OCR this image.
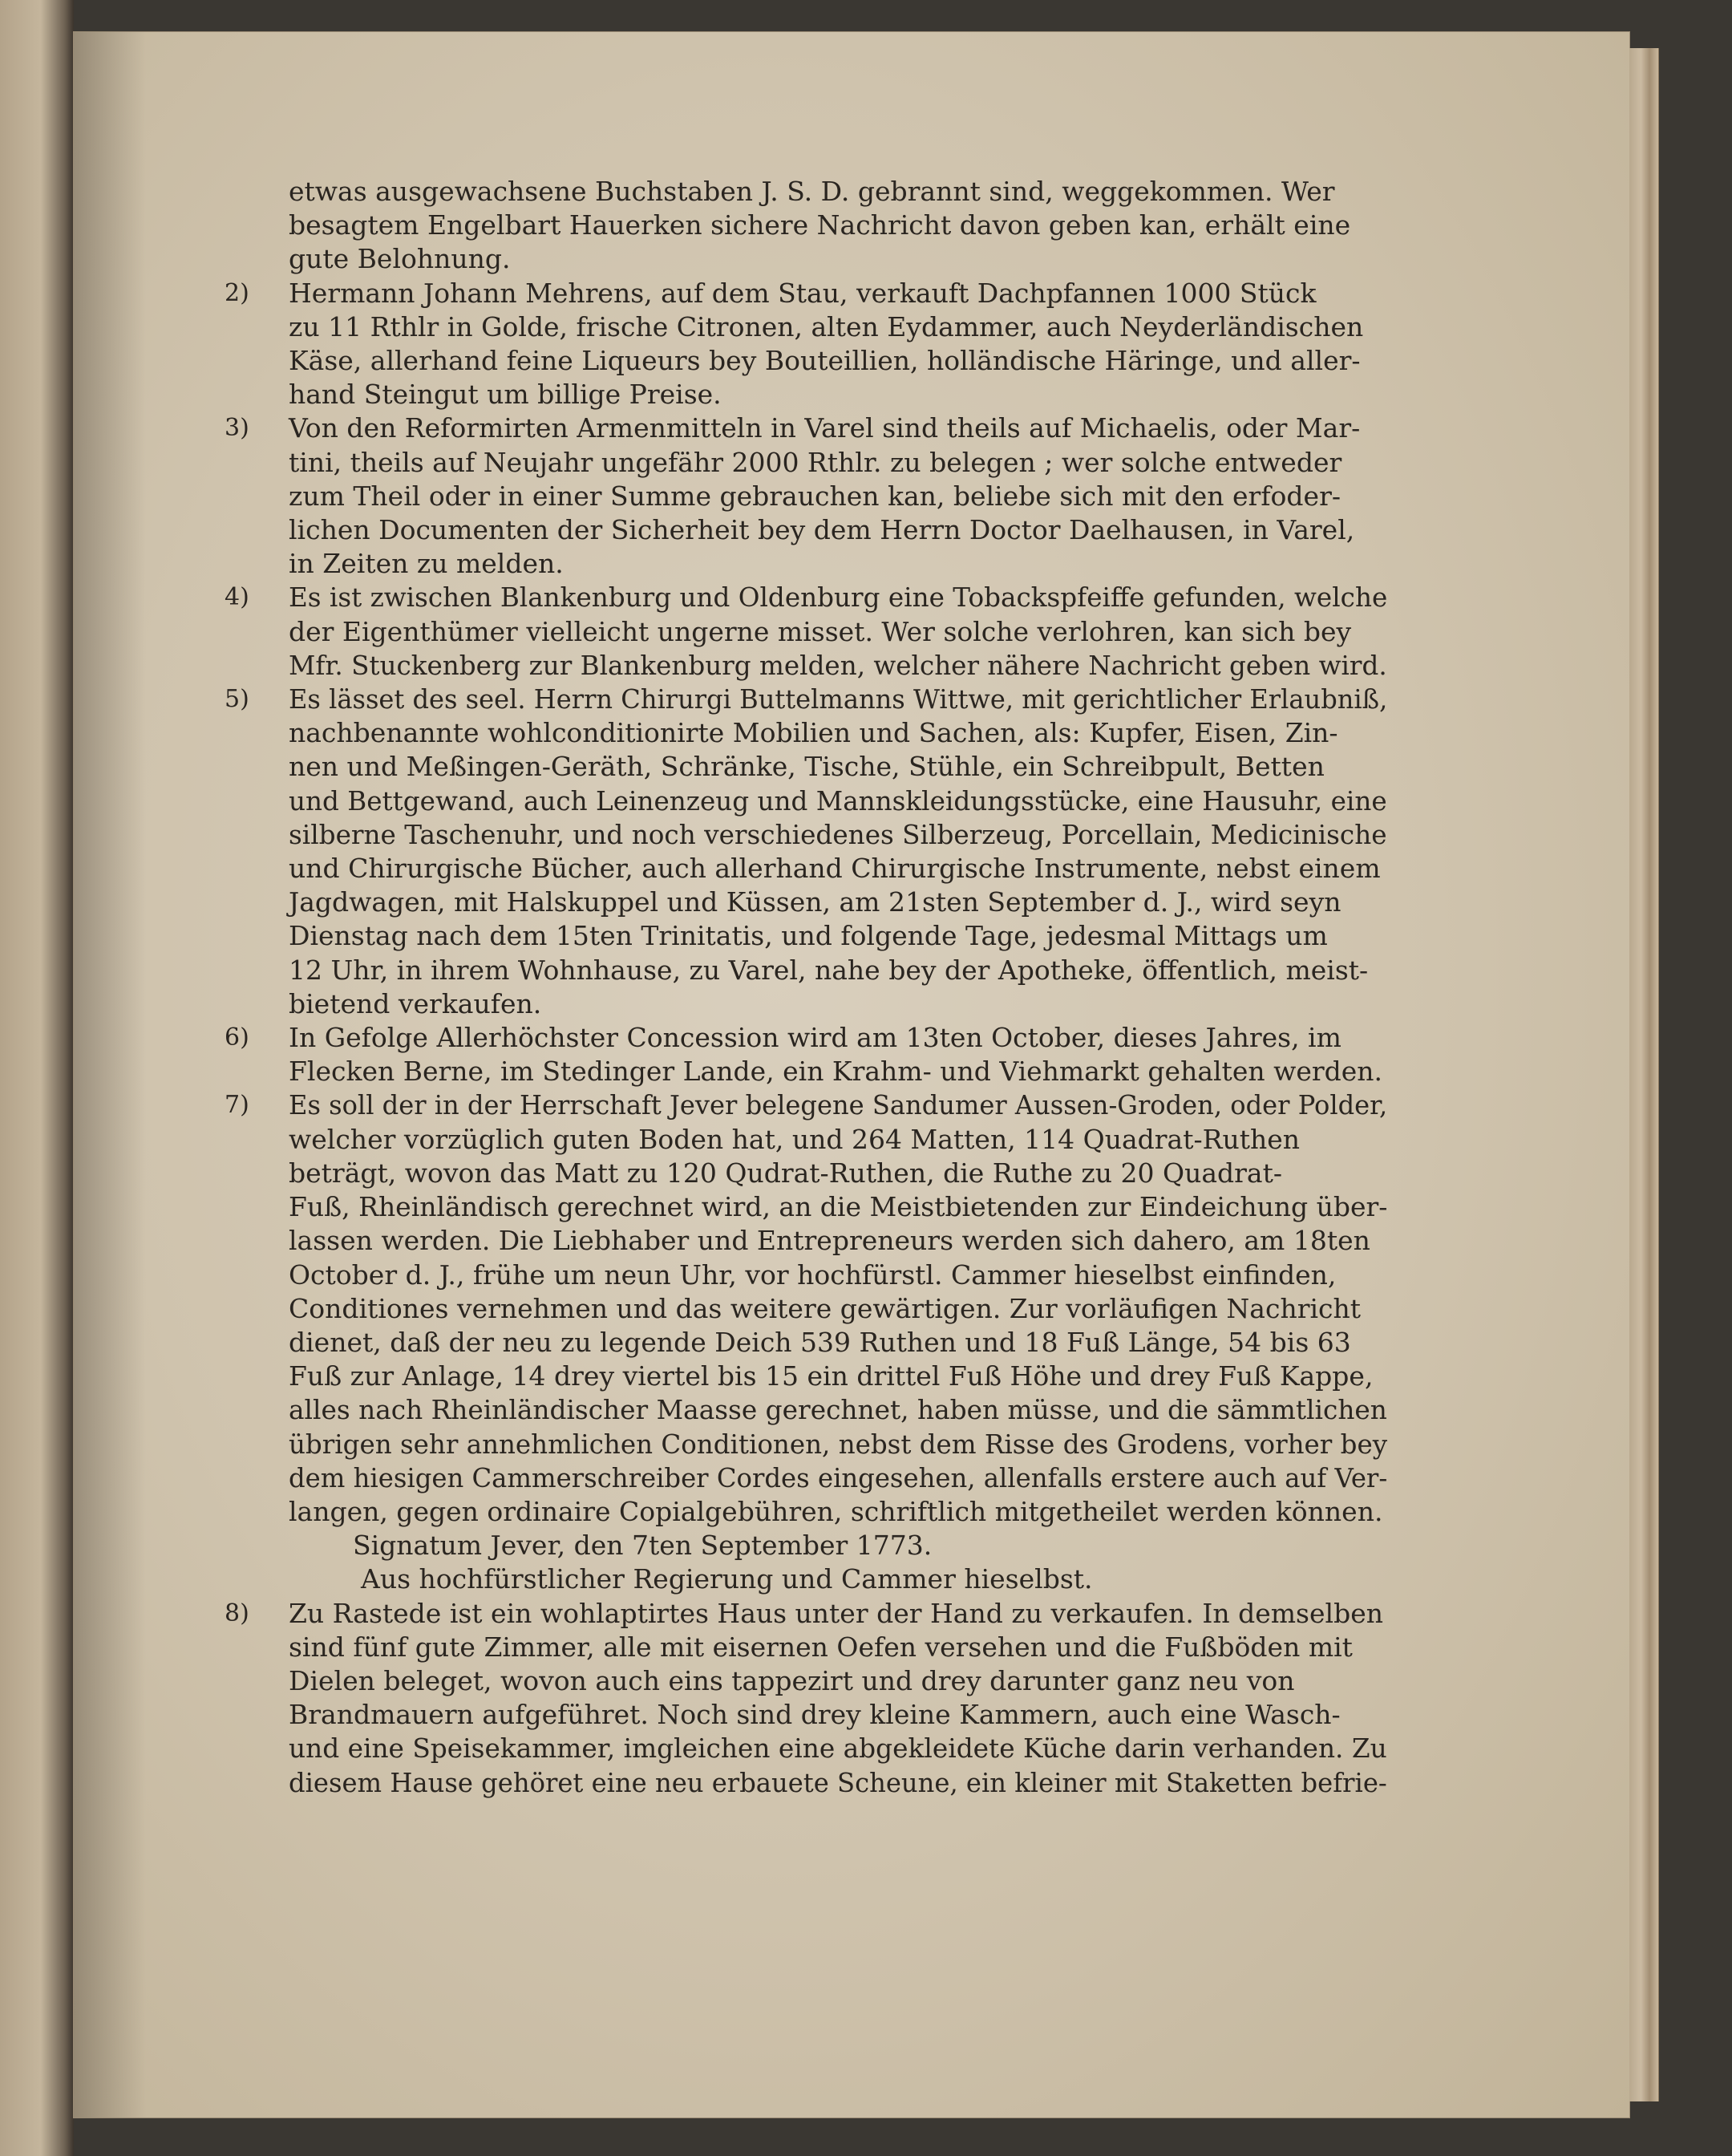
etwas ausgewachsene Buchstaben J. S. D. gebrannt sind, weggekommen. Wer
besagtem Engelbart Hauerken sichere Nachricht davon geben kan, erhält eine
gute Belohnung.
2) Hermann Johann Mehrens, auf dem Stau, verkauft Dachpfannen 1000 Stück
zu 11 Rthlr in Golde, frische Citronen, alten Eydammer, auch Neyderländischen
Käse, allerhand feine Liqueurs bey Bouteillien, holländische Häringe, und aller-
hand Steingut um billige Preise.
3) Von den Reformirten Armenmitteln in Varel sind theils auf Michaelis, oder Mar-
tini, theils auf Neujahr ungefähr 2000 Rthlr. zu belegen ; wer solche entweder
zum Theil oder in einer Summe gebrauchen kan, beliebe sich mit den erfoder-
lichen Documenten der Sicherheit bey dem Herrn Doctor Daelhausen, in Varel,
in Zeiten zu melden.
4) Es ist zwischen Blankenburg und Oldenburg eine Tobackspfeiffe gefunden, welche
der Eigenthümer vielleicht ungerne misset. Wer solche verlohren, kan sich bey
Mfr. Stuckenberg zur Blankenburg melden, welcher nähere Nachricht geben wird.
5) Es lässet des seel. Herrn Chirurgi Buttelmanns Wittwe, mit gerichtlicher Erlaubniß,
nachbenannte wohlconditionirte Mobilien und Sachen, als: Kupfer, Eisen, Zin-
nen und Meßingen-Geräth, Schränke, Tische, Stühle, ein Schreibpult, Betten
und Bettgewand, auch Leinenzeug und Mannskleidungsstücke, eine Hausuhr, eine
silberne Taschenuhr, und noch verschiedenes Silberzeug, Porcellain, Medicinische
und Chirurgische Bücher, auch allerhand Chirurgische Instrumente, nebst einem
Jagdwagen, mit Halskuppel und Küssen, am 21sten September d. J., wird seyn
Dienstag nach dem 15ten Trinitatis, und folgende Tage, jedesmal Mittags um
12 Uhr, in ihrem Wohnhause, zu Varel, nahe bey der Apotheke, öffentlich, meist-
bietend verkaufen.
6) In Gefolge Allerhöchster Concession wird am 13ten October, dieses Jahres, im
Flecken Berne, im Stedinger Lande, ein Krahm- und Viehmarkt gehalten werden.
7) Es soll der in der Herrschaft Jever belegene Sandumer Aussen-Groden, oder Polder,
welcher vorzüglich guten Boden hat, und 264 Matten, 114 Quadrat-Ruthen
beträgt, wovon das Matt zu 120 Qudrat-Ruthen, die Ruthe zu 20 Quadrat-
Fuß, Rheinländisch gerechnet wird, an die Meistbietenden zur Eindeichung über-
lassen werden. Die Liebhaber und Entrepreneurs werden sich dahero, am 18ten
October d. J., frühe um neun Uhr, vor hochfürstl. Cammer hieselbst einfinden,
Conditiones vernehmen und das weitere gewärtigen. Zur vorläufigen Nachricht
dienet, daß der neu zu legende Deich 539 Ruthen und 18 Fuß Länge, 54 bis 63
Fuß zur Anlage, 14 drey viertel bis 15 ein drittel Fuß Höhe und drey Fuß Kappe,
alles nach Rheinländischer Maasse gerechnet, haben müsse, und die sämmtlichen
übrigen sehr annehmlichen Conditionen, nebst dem Risse des Grodens, vorher bey
dem hiesigen Cammerschreiber Cordes eingesehen, allenfalls erstere auch auf Ver-
langen, gegen ordinaire Copialgebühren, schriftlich mitgetheilet werden können.
Signatum Jever, den 7ten September 1773.
Aus hochfürstlicher Regierung und Cammer hieselbst.
8) Zu Rastede ist ein wohlaptirtes Haus unter der Hand zu verkaufen. In demselben
sind fünf gute Zimmer, alle mit eisernen Oefen versehen und die Fußböden mit
Dielen beleget, wovon auch eins tappezirt und drey darunter ganz neu von
Brandmauern aufgeführet. Noch sind drey kleine Kammern, auch eine Wasch-
und eine Speisekammer, imgleichen eine abgekleidete Küche darin verhanden. Zu
diesem Hause gehöret eine neu erbauete Scheune, ein kleiner mit Staketten befrie-
